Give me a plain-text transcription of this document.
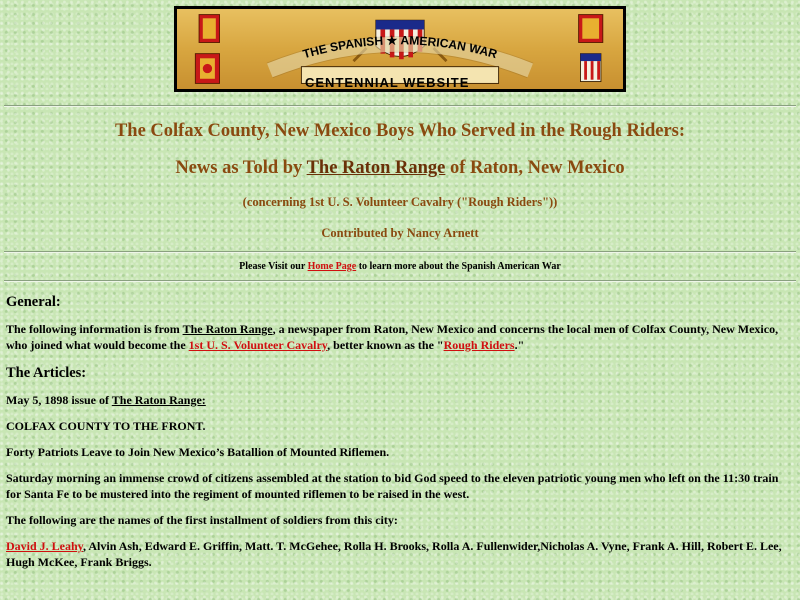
THE SPANISH ★ AMERICAN WAR
CENTENNIAL WEBSITE
The Colfax County, New Mexico Boys Who Served in the Rough Riders:
News as Told by The Raton Range of Raton, New Mexico
(concerning 1st U. S. Volunteer Cavalry ("Rough Riders"))
Contributed by Nancy Arnett
Please Visit our Home Page to learn more about the Spanish American War
General:

The following information is from The Raton Range, a newspaper from Raton, New Mexico and concerns the local men of Colfax County, New Mexico, who joined what would become the 1st U. S. Volunteer Cavalry, better known as the "Rough Riders."

The Articles:

May 5, 1898 issue of The Raton Range:

COLFAX COUNTY TO THE FRONT.

Forty Patriots Leave to Join New Mexico’s Batallion of Mounted Riflemen.

Saturday morning an immense crowd of citizens assembled at the station to bid God speed to the eleven patriotic young men who left on the 11:30 train for Santa Fe to be mustered into the regiment of mounted riflemen to be raised in the west.

The following are the names of the first installment of soldiers from this city:

David J. Leahy, Alvin Ash, Edward E. Griffin, Matt. T. McGehee, Rolla H. Brooks, Rolla A. Fullenwider,Nicholas A. Vyne, Frank A. Hill, Robert E. Lee, Hugh McKee, Frank Briggs.
